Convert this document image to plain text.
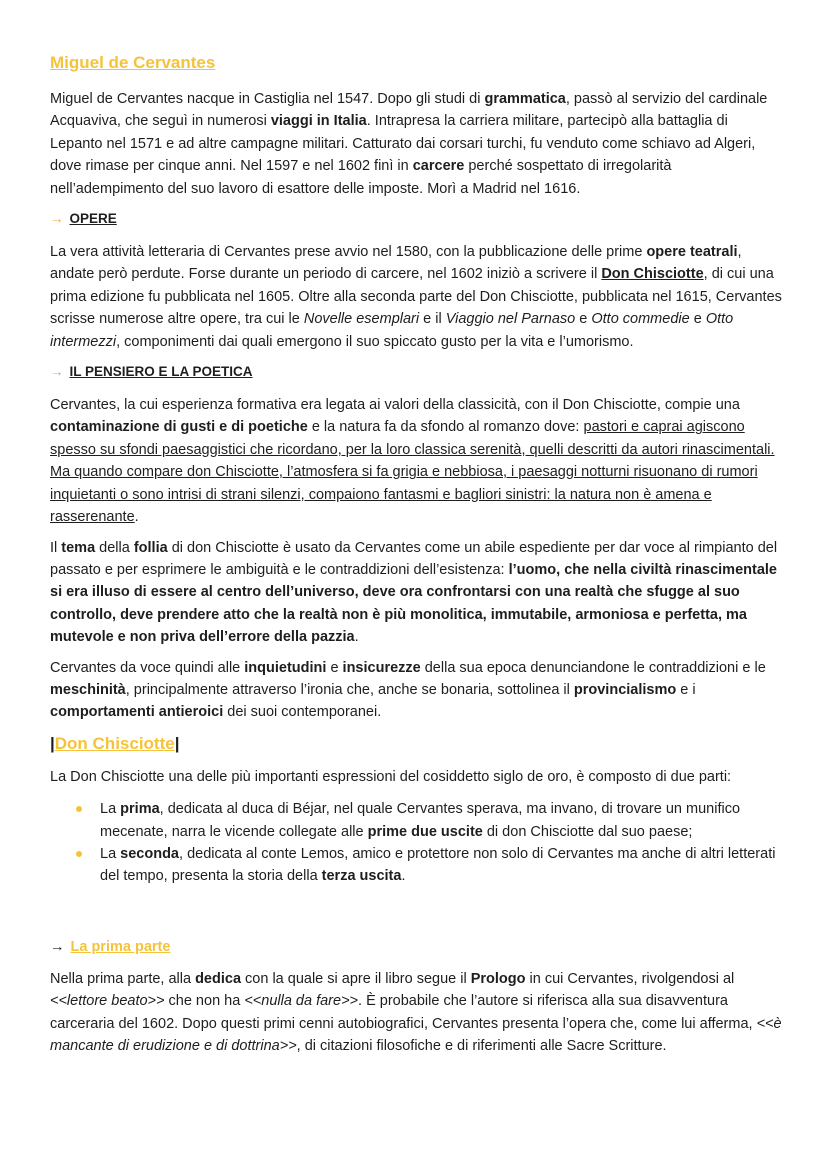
Miguel de Cervantes

Miguel de Cervantes nacque in Castiglia nel 1547. Dopo gli studi di grammatica, passò al servizio del cardinale Acquaviva, che seguì in numerosi viaggi in Italia. Intrapresa la carriera militare, partecipò alla battaglia di Lepanto nel 1571 e ad altre campagne militari. Catturato dai corsari turchi, fu venduto come schiavo ad Algeri, dove rimase per cinque anni. Nel 1597 e nel 1602 finì in carcere perché sospettato di irregolarità nell’adempimento del suo lavoro di esattore delle imposte. Morì a Madrid nel 1616.

→ OPERE

La vera attività letteraria di Cervantes prese avvio nel 1580, con la pubblicazione delle prime opere teatrali, andate però perdute. Forse durante un periodo di carcere, nel 1602 iniziò a scrivere il Don Chisciotte, di cui una prima edizione fu pubblicata nel 1605. Oltre alla seconda parte del Don Chisciotte, pubblicata nel 1615, Cervantes scrisse numerose altre opere, tra cui le Novelle esemplari e il Viaggio nel Parnaso e Otto commedie e Otto intermezzi, componimenti dai quali emergono il suo spiccato gusto per la vita e l’umorismo.

→ IL PENSIERO E LA POETICA

Cervantes, la cui esperienza formativa era legata ai valori della classicità, con il Don Chisciotte, compie una contaminazione di gusti e di poetiche e la natura fa da sfondo al romanzo dove: pastori e caprai agiscono spesso su sfondi paesaggistici che ricordano, per la loro classica serenità, quelli descritti da autori rinascimentali. Ma quando compare don Chisciotte, l’atmosfera si fa grigia e nebbiosa, i paesaggi notturni risuonano di rumori inquietanti o sono intrisi di strani silenzi, compaiono fantasmi e bagliori sinistri: la natura non è amena e rasserenante.

Il tema della follia di don Chisciotte è usato da Cervantes come un abile espediente per dar voce al rimpianto del passato e per esprimere le ambiguità e le contraddizioni dell’esistenza: l’uomo, che nella civiltà rinascimentale si era illuso di essere al centro dell’universo, deve ora confrontarsi con una realtà che sfugge al suo controllo, deve prendere atto che la realtà non è più monolitica, immutabile, armoniosa e perfetta, ma mutevole e non priva dell’errore della pazzia.

Cervantes da voce quindi alle inquietudini e insicurezze della sua epoca denunciandone le contraddizioni e le meschinità, principalmente attraverso l’ironia che, anche se bonaria, sottolinea il provincialismo e i comportamenti antieroici dei suoi contemporanei.

|Don Chisciotte|

La Don Chisciotte una delle più importanti espressioni del cosiddetto siglo de oro, è composto di due parti:

La prima, dedicata al duca di Béjar, nel quale Cervantes sperava, ma invano, di trovare un munifico mecenate, narra le vicende collegate alle prime due uscite di don Chisciotte dal suo paese;
La seconda, dedicata al conte Lemos, amico e protettore non solo di Cervantes ma anche di altri letterati del tempo, presenta la storia della terza uscita.
→ La prima parte

Nella prima parte, alla dedica con la quale si apre il libro segue il Prologo in cui Cervantes, rivolgendosi al <<lettore beato>> che non ha <<nulla da fare>>. È probabile che l’autore si riferisca alla sua disavventura carceraria del 1602. Dopo questi primi cenni autobiografici, Cervantes presenta l’opera che, come lui afferma, <<è mancante di erudizione e di dottrina>>, di citazioni filosofiche e di riferimenti alle Sacre Scritture.
